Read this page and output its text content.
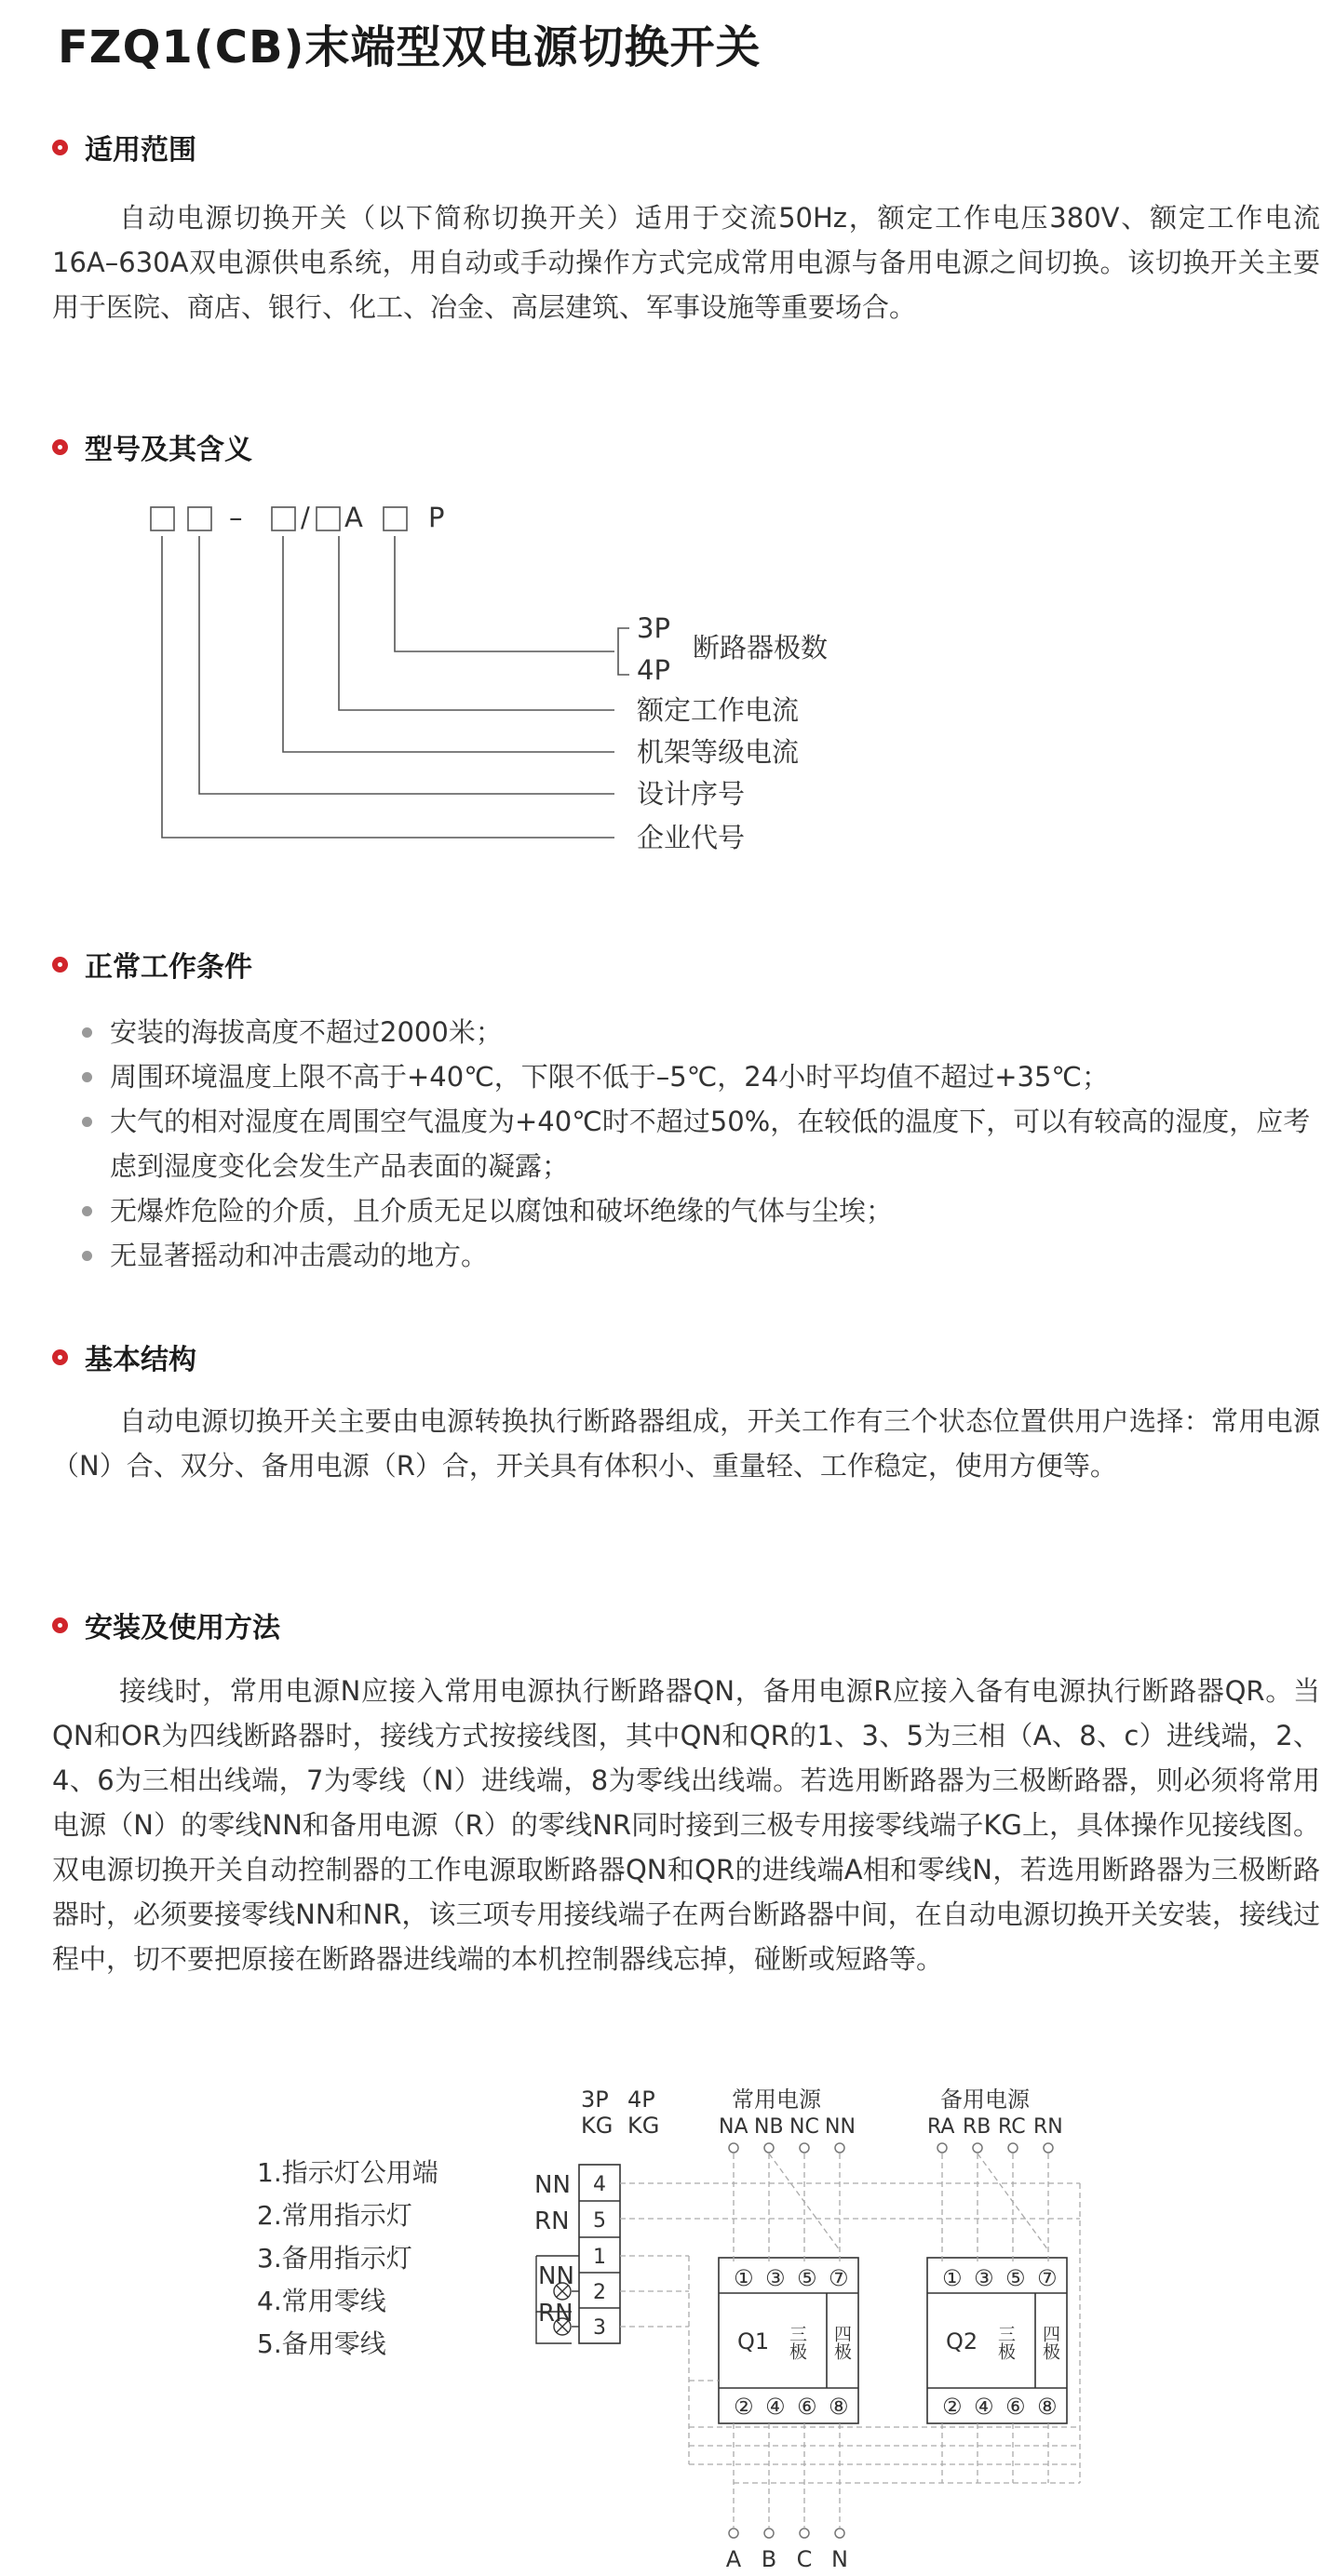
FZQ1(CB)末端型双电源切换开关
适用范围

自动电源切换开关（以下简称切换开关）适用于交流50Hz，额定工作电压380V、额定工作电流16A–630A双电源供电系统，用自动或手动操作方式完成常用电源与备用电源之间切换。该切换开关主要用于医院、商店、银行、化工、冶金、高层建筑、军事设施等重要场合。

型号及其含义
– / A P
3P
4P
断路器极数
额定工作电流
机架等级电流
设计序号
企业代号
正常工作条件
安装的海拔高度不超过2000米；
周围环境温度上限不高于+40℃，下限不低于–5℃，24小时平均值不超过+35℃；
大气的相对湿度在周围空气温度为+40℃时不超过50%，在较低的温度下，可以有较高的湿度，应考虑到湿度变化会发生产品表面的凝露；
无爆炸危险的介质，且介质无足以腐蚀和破坏绝缘的气体与尘埃；
无显著摇动和冲击震动的地方。
基本结构

自动电源切换开关主要由电源转换执行断路器组成，开关工作有三个状态位置供用户选择：常用电源（N）合、双分、备用电源（R）合，开关具有体积小、重量轻、工作稳定，使用方便等。

安装及使用方法

接线时，常用电源N应接入常用电源执行断路器QN，备用电源R应接入备有电源执行断路器QR。当QN和OR为四线断路器时，接线方式按接线图，其中QN和QR的1、3、5为三相（A、8、c）进线端，2、4、6为三相出线端，7为零线（N）进线端，8为零线出线端。若选用断路器为三极断路器，则必须将常用电源（N）的零线NN和备用电源（R）的零线NR同时接到三极专用接零线端子KG上，具体操作见接线图。双电源切换开关自动控制器的工作电源取断路器QN和QR的进线端A相和零线N，若选用断路器为三极断路器时，必须要接零线NN和NR，该三项专用接线端子在两台断路器中间，在自动电源切换开关安装，接线过程中，切不要把原接在断路器进线端的本机控制器线忘掉，碰断或短路等。

1.指示灯公用端
2.常用指示灯
3.备用指示灯
4.常用零线
5.备用零线
3P 4P
KG KG
常用电源	备用电源
NA NB NC NN	RA RB RC RN
4
5
1
2
3
NN
RN
NN
RN
① ③ ⑤ ⑦
② ④ ⑥ ⑧
① ③ ⑤ ⑦
② ④ ⑥ ⑧
Q1	Q2
三极 四极	三极 四极
A B C N
